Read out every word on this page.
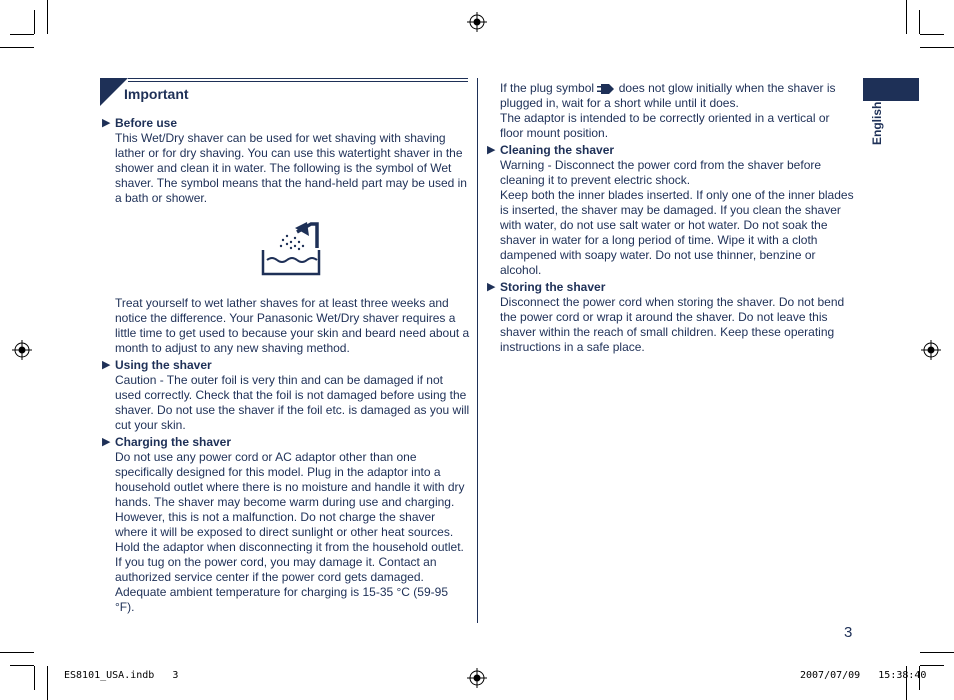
Important
English

▶ Before use

This Wet/Dry shaver can be used for wet shaving with shaving lather or for dry shaving. You can use this watertight shaver in the shower and clean it in water. The following is the symbol of Wet shaver. The symbol means that the hand-held part may be used in a bath or shower.

Treat yourself to wet lather shaves for at least three weeks and notice the difference. Your Panasonic Wet/Dry shaver requires a little time to get used to because your skin and beard need about a month to adjust to any new shaving method.

▶ Using the shaver

Caution - The outer foil is very thin and can be damaged if not used correctly. Check that the foil is not damaged before using the shaver. Do not use the shaver if the foil etc. is damaged as you will cut your skin.

▶ Charging the shaver

Do not use any power cord or AC adaptor other than one specifically designed for this model. Plug in the adaptor into a household outlet where there is no moisture and handle it with dry hands. The shaver may become warm during use and charging. However, this is not a malfunction. Do not charge the shaver where it will be exposed to direct sunlight or other heat sources. Hold the adaptor when disconnecting it from the household outlet. If you tug on the power cord, you may damage it. Contact an authorized service center if the power cord gets damaged.

Adequate ambient temperature for charging is 15-35 °C (59-95 °F).

If the plug symbol does not glow initially when the shaver is plugged in, wait for a short while until it does.

The adaptor is intended to be correctly oriented in a vertical or floor mount position.

▶ Cleaning the shaver

Warning - Disconnect the power cord from the shaver before cleaning it to prevent electric shock.

Keep both the inner blades inserted. If only one of the inner blades is inserted, the shaver may be damaged. If you clean the shaver with water, do not use salt water or hot water. Do not soak the shaver in water for a long period of time. Wipe it with a cloth dampened with soapy water. Do not use thinner, benzine or alcohol.

▶ Storing the shaver

Disconnect the power cord when storing the shaver. Do not bend the power cord or wrap it around the shaver. Do not leave this shaver within the reach of small children. Keep these operating instructions in a safe place.

3
ES8101_USA.indb 3	2007/07/09 15:38:40
